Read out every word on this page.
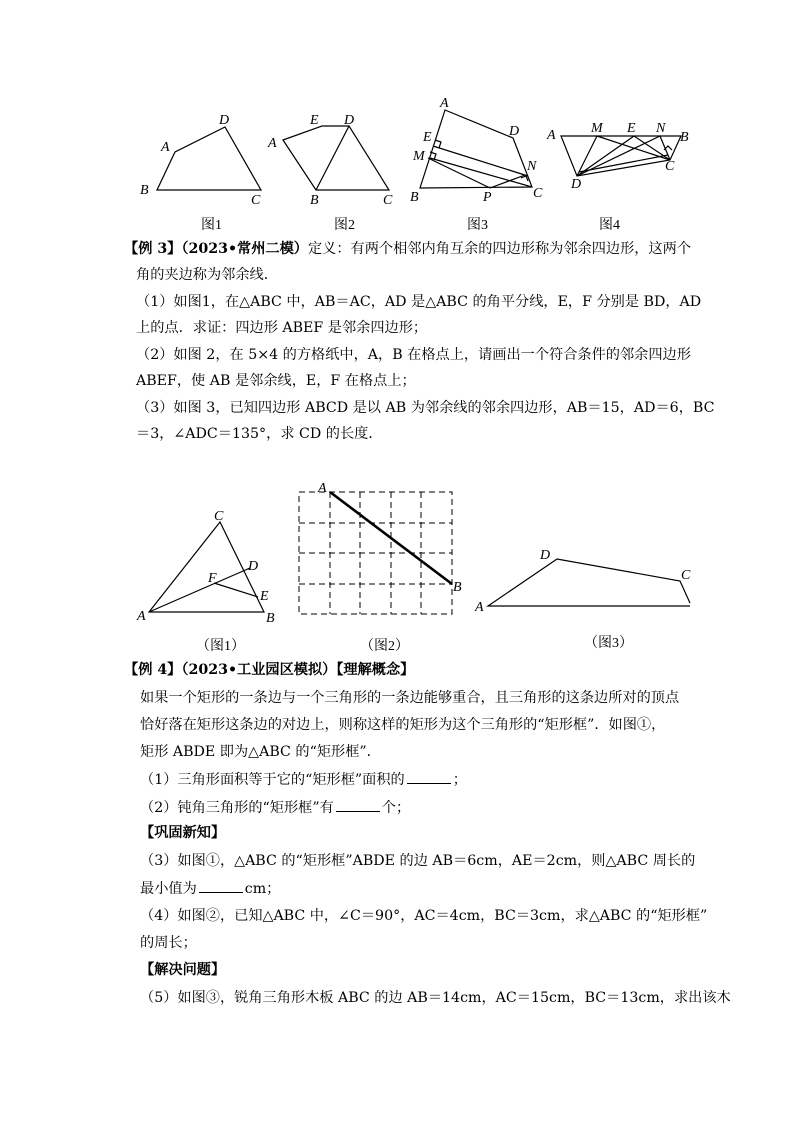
A
D
B
C
图1
A
E D
B	C
图2
A
D
E
M
N
B	P	C
图3
A	M E N
B
C
D
图4
【例 3】（2023•常州二模）定义：有两个相邻内角互余的四边形称为邻余四边形，这两个
角的夹边称为邻余线．
（1）如图1，在△ABC 中，AB＝AC，AD 是△ABC 的角平分线，E，F 分别是 BD，AD
上的点．求证：四边形 ABEF 是邻余四边形；
（2）如图 2，在 5×4 的方格纸中，A，B 在格点上，请画出一个符合条件的邻余四边形
ABEF，使 AB 是邻余线，E，F 在格点上；
（3）如图 3，已知四边形 ABCD 是以 AB 为邻余线的邻余四边形，AB＝15，AD＝6，BC
＝3，∠ADC＝135°，求 CD 的长度．
C
D
F
E
A	B
（图1）
A
B
（图2）
D
C
A
（图3）
【例 4】（2023•工业园区模拟）【理解概念】
如果一个矩形的一条边与一个三角形的一条边能够重合，且三角形的这条边所对的顶点
恰好落在矩形这条边的对边上，则称这样的矩形为这个三角形的“矩形框”．如图①，
矩形 ABDE 即为△ABC 的“矩形框”．
（1）三角形面积等于它的“矩形框”面积的	；
（2）钝角三角形的“矩形框”有	个；
【巩固新知】
（3）如图①，△ABC 的“矩形框”ABDE 的边 AB＝6cm，AE＝2cm，则△ABC 周长的
最小值为	cm；
（4）如图②，已知△ABC 中，∠C＝90°，AC＝4cm，BC＝3cm，求△ABC 的“矩形框”
的周长；
【解决问题】
（5）如图③，锐角三角形木板 ABC 的边 AB＝14cm，AC＝15cm，BC＝13cm，求出该木
